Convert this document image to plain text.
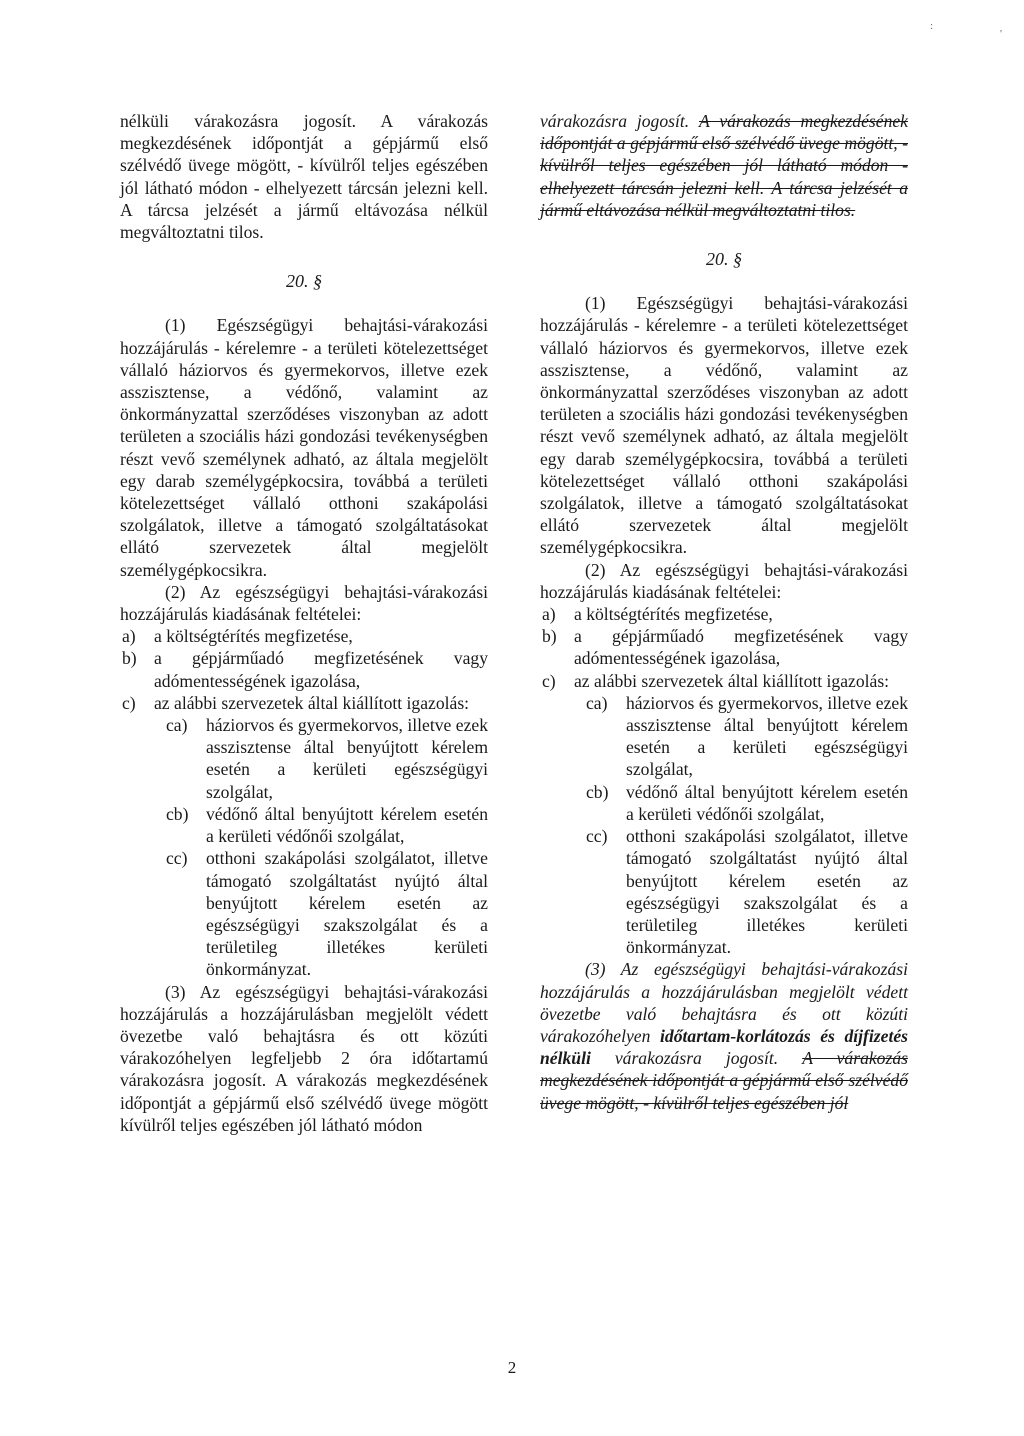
:
'

nélküli várakozásra jogosít. A várakozás megkezdésének időpontját a gépjármű első szélvédő üvege mögött, - kívülről teljes egészében jól látható módon - elhelyezett tárcsán jelezni kell. A tárcsa jelzését a jármű eltávozása nélkül megváltoztatni tilos.

20. §

(1) Egészségügyi behajtási-várakozási hozzájárulás - kérelemre - a területi kötelezettséget vállaló háziorvos és gyermekorvos, illetve ezek asszisztense, a védőnő, valamint az önkormányzattal szerződéses viszonyban az adott területen a szociális házi gondozási tevékenységben részt vevő személynek adható, az általa megjelölt egy darab személygépkocsira, továbbá a területi kötelezettséget vállaló otthoni szakápolási szolgálatok, illetve a támogató szolgáltatásokat ellátó szervezetek által megjelölt személygépkocsikra.

(2) Az egészségügyi behajtási-várakozási hozzájárulás kiadásának feltételei:

a)	a költségtérítés megfizetése,
b) a gépjárműadó megfizetésének vagy adómentességének igazolása,
c)	az alábbi szervezetek által kiállított igazolás:
ca)	háziorvos és gyermekorvos, illetve ezek asszisztense által benyújtott kérelem esetén a kerületi egészségügyi szolgálat,
cb) védőnő által benyújtott kérelem esetén a kerületi védőnői szolgálat,
cc)	otthoni szakápolási szolgálatot, illetve támogató szolgáltatást nyújtó által benyújtott kérelem esetén az egészségügyi szakszolgálat és a területileg illetékes kerületi önkormányzat.

(3) Az egészségügyi behajtási-várakozási hozzájárulás a hozzájárulásban megjelölt védett övezetbe való behajtásra és ott közúti várakozóhelyen legfeljebb 2 óra időtartamú várakozásra jogosít. A várakozás megkezdésének időpontját a gépjármű első szélvédő üvege mögött kívülről teljes egészében jól látható módon

várakozásra jogosít. A várakozás megkezdésének időpontját a gépjármű első szélvédő üvege mögött, - kívülről teljes egészében jól látható módon - elhelyezett tárcsán jelezni kell. A tárcsa jelzését a jármű eltávozása nélkül megváltoztatni tilos.

20. §

(1) Egészségügyi behajtási-várakozási hozzájárulás - kérelemre - a területi kötelezettséget vállaló háziorvos és gyermekorvos, illetve ezek asszisztense, a védőnő, valamint az önkormányzattal szerződéses viszonyban az adott területen a szociális házi gondozási tevékenységben részt vevő személynek adható, az általa megjelölt egy darab személygépkocsira, továbbá a területi kötelezettséget vállaló otthoni szakápolási szolgálatok, illetve a támogató szolgáltatásokat ellátó szervezetek által megjelölt személygépkocsikra.

(2) Az egészségügyi behajtási-várakozási hozzájárulás kiadásának feltételei:

a)	a költségtérítés megfizetése,
b) a gépjárműadó megfizetésének vagy adómentességének igazolása,
c)	az alábbi szervezetek által kiállított igazolás:
ca)	háziorvos és gyermekorvos, illetve ezek asszisztense által benyújtott kérelem esetén a kerületi egészségügyi szolgálat,
cb) védőnő által benyújtott kérelem esetén a kerületi védőnői szolgálat,
cc)	otthoni szakápolási szolgálatot, illetve támogató szolgáltatást nyújtó által benyújtott kérelem esetén az egészségügyi szakszolgálat és a területileg illetékes kerületi önkormányzat.

(3) Az egészségügyi behajtási-várakozási hozzájárulás a hozzájárulásban megjelölt védett övezetbe való behajtásra és ott közúti várakozóhelyen időtartam-korlátozás és díjfizetés nélküli várakozásra jogosít. A várakozás megkezdésének időpontját a gépjármű első szélvédő üvege mögött, - kívülről teljes egészében jól

2
